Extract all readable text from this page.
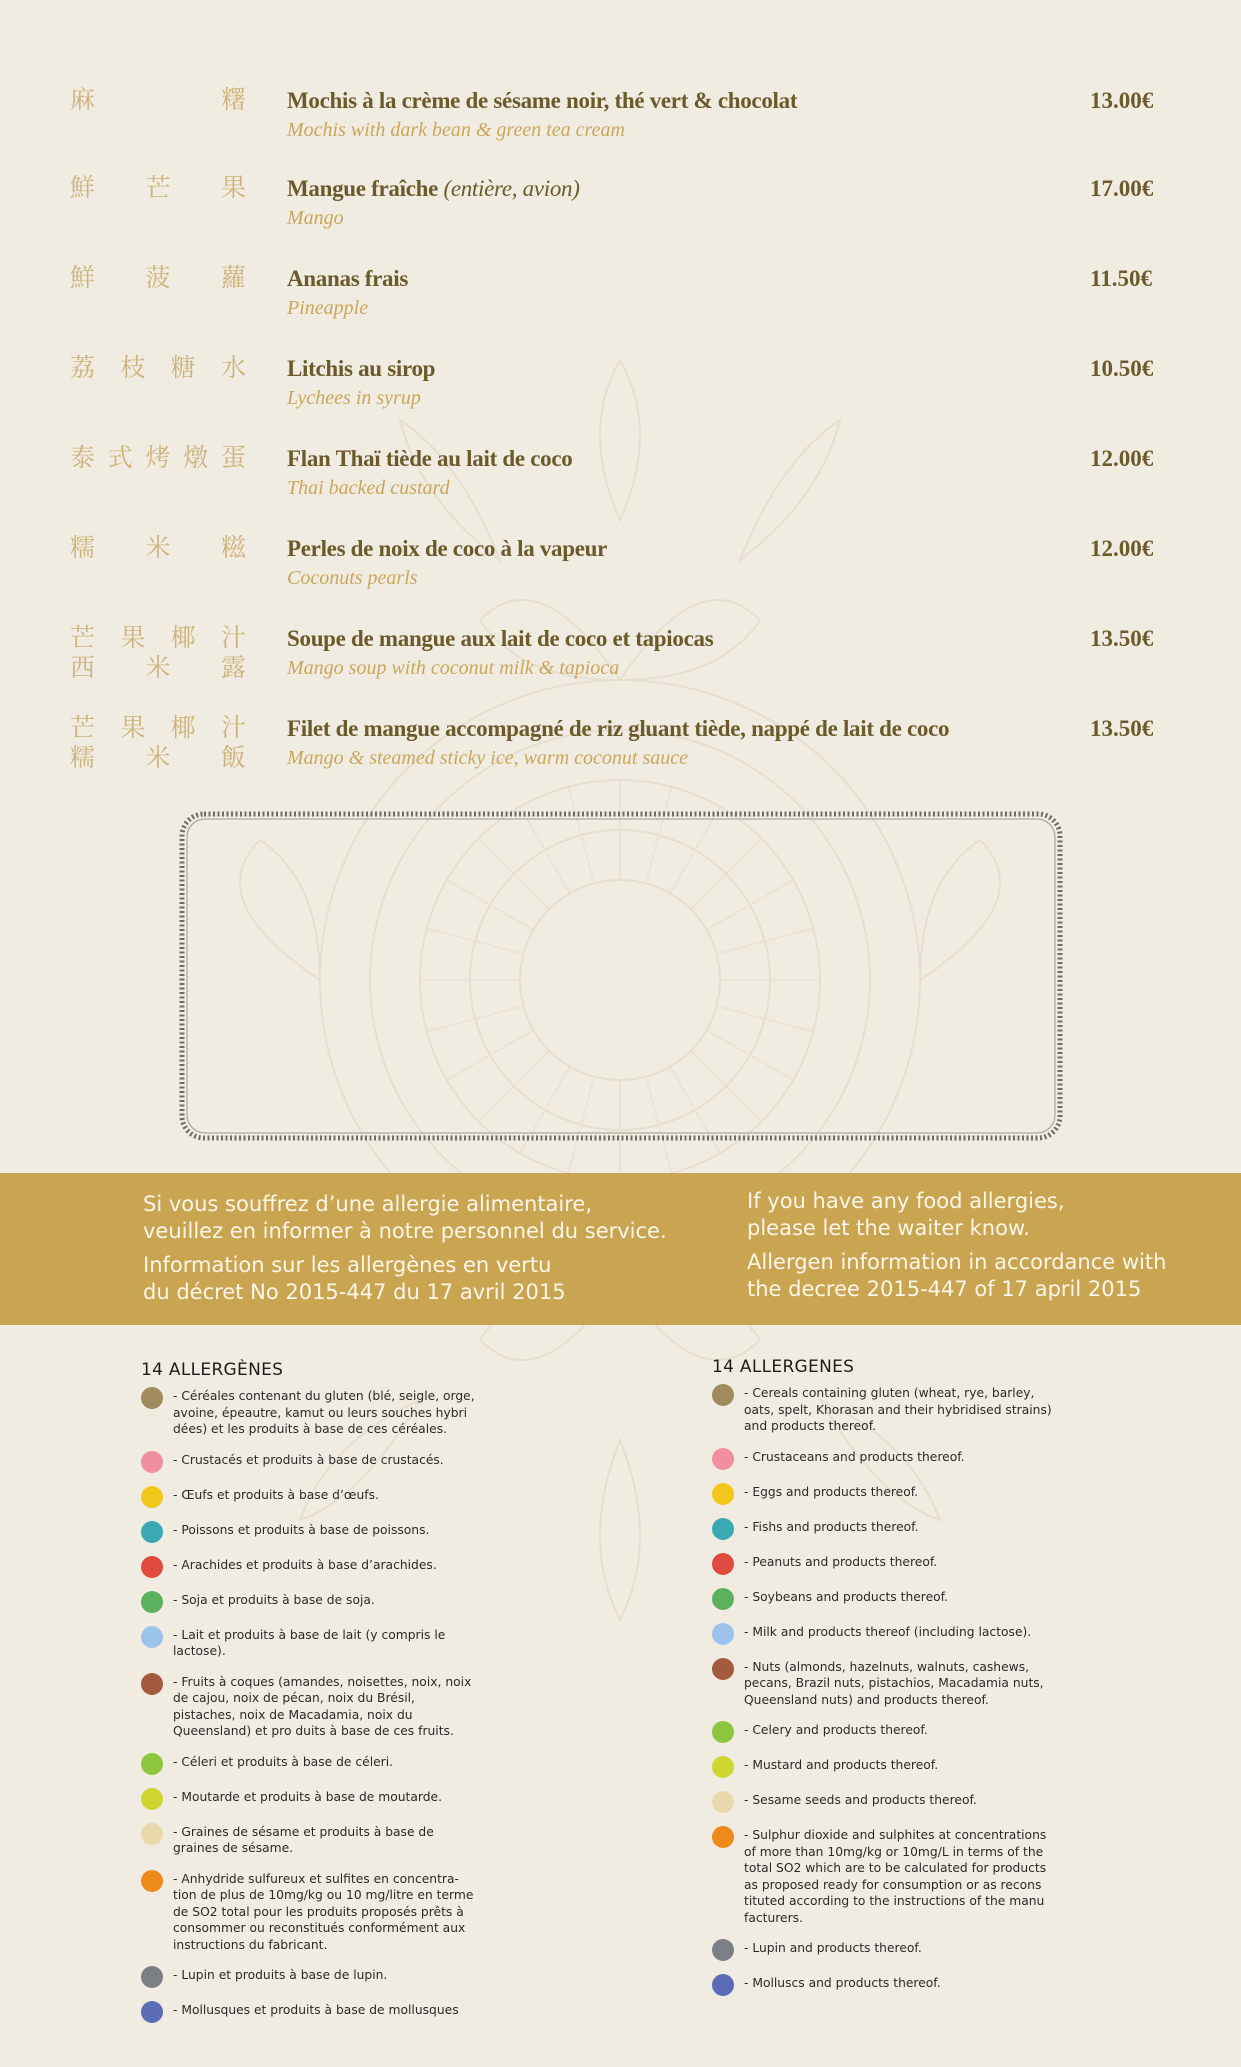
麻	糬 Mochis à la crème de sésame noir, thé vert & chocolat
Mochis with dark bean & green tea cream
13.00€
鮮 芒 果 Mangue fraîche (entière, avion)
Mango
17.00€
鮮 菠 蘿 Ananas frais
Pineapple
11.50€
荔 枝 糖 水 Litchis au sirop
Lychees in syrup
10.50€
泰 式 烤 燉 蛋 Flan Thaï tiède au lait de coco
Thai backed custard
12.00€
糯 米 糍 Perles de noix de coco à la vapeur
Coconuts pearls
12.00€
芒 果 椰 汁
西 米 露
Soupe de mangue aux lait de coco et tapiocas
Mango soup with coconut milk & tapioca
13.50€
芒 果 椰 汁
糯 米 飯
Filet de mangue accompagné de riz gluant tiède, nappé de lait de coco
Mango & steamed sticky ice, warm coconut sauce
13.50€

Si vous souffrez d’une allergie alimentaire,
veuillez en informer à notre personnel du service.

Information sur les allergènes en vertu
du décret No 2015-447 du 17 avril 2015

If you have any food allergies,
please let the waiter know.

Allergen information in accordance with
the decree 2015-447 of 17 april 2015

14 ALLERGÈNES
- Céréales contenant du gluten (blé, seigle, orge, avoine, épeautre, kamut ou leurs souches hybri dées) et les produits à base de ces céréales.
- Crustacés et produits à base de crustacés.
- Œufs et produits à base d’œufs.
- Poissons et produits à base de poissons.
- Arachides et produits à base d’arachides.
- Soja et produits à base de soja.
- Lait et produits à base de lait (y compris le lactose).
- Fruits à coques (amandes, noisettes, noix, noix de cajou, noix de pécan, noix du Brésil, pistaches, noix de Macadamia, noix du Queensland) et pro duits à base de ces fruits.
- Céleri et produits à base de céleri.
- Moutarde et produits à base de moutarde.
- Graines de sésame et produits à base de graines de sésame.
- Anhydride sulfureux et sulfites en concentra- tion de plus de 10mg/kg ou 10 mg/litre en terme de SO2 total pour les produits proposés prêts à consommer ou reconstitués conformément aux instructions du fabricant.
- Lupin et produits à base de lupin.
- Mollusques et produits à base de mollusques
14 ALLERGENES
- Cereals containing gluten (wheat, rye, barley, oats, spelt, Khorasan and their hybridised strains) and products thereof.
- Crustaceans and products thereof.
- Eggs and products thereof.
- Fishs and products thereof.
- Peanuts and products thereof.
- Soybeans and products thereof.
- Milk and products thereof (including lactose).
- Nuts (almonds, hazelnuts, walnuts, cashews, pecans, Brazil nuts, pistachios, Macadamia nuts, Queensland nuts) and products thereof.
- Celery and products thereof.
- Mustard and products thereof.
- Sesame seeds and products thereof.
- Sulphur dioxide and sulphites at concentrations of more than 10mg/kg or 10mg/L in terms of the total SO2 which are to be calculated for products as proposed ready for consumption or as recons tituted according to the instructions of the manu facturers.
- Lupin and products thereof.
- Molluscs and products thereof.
